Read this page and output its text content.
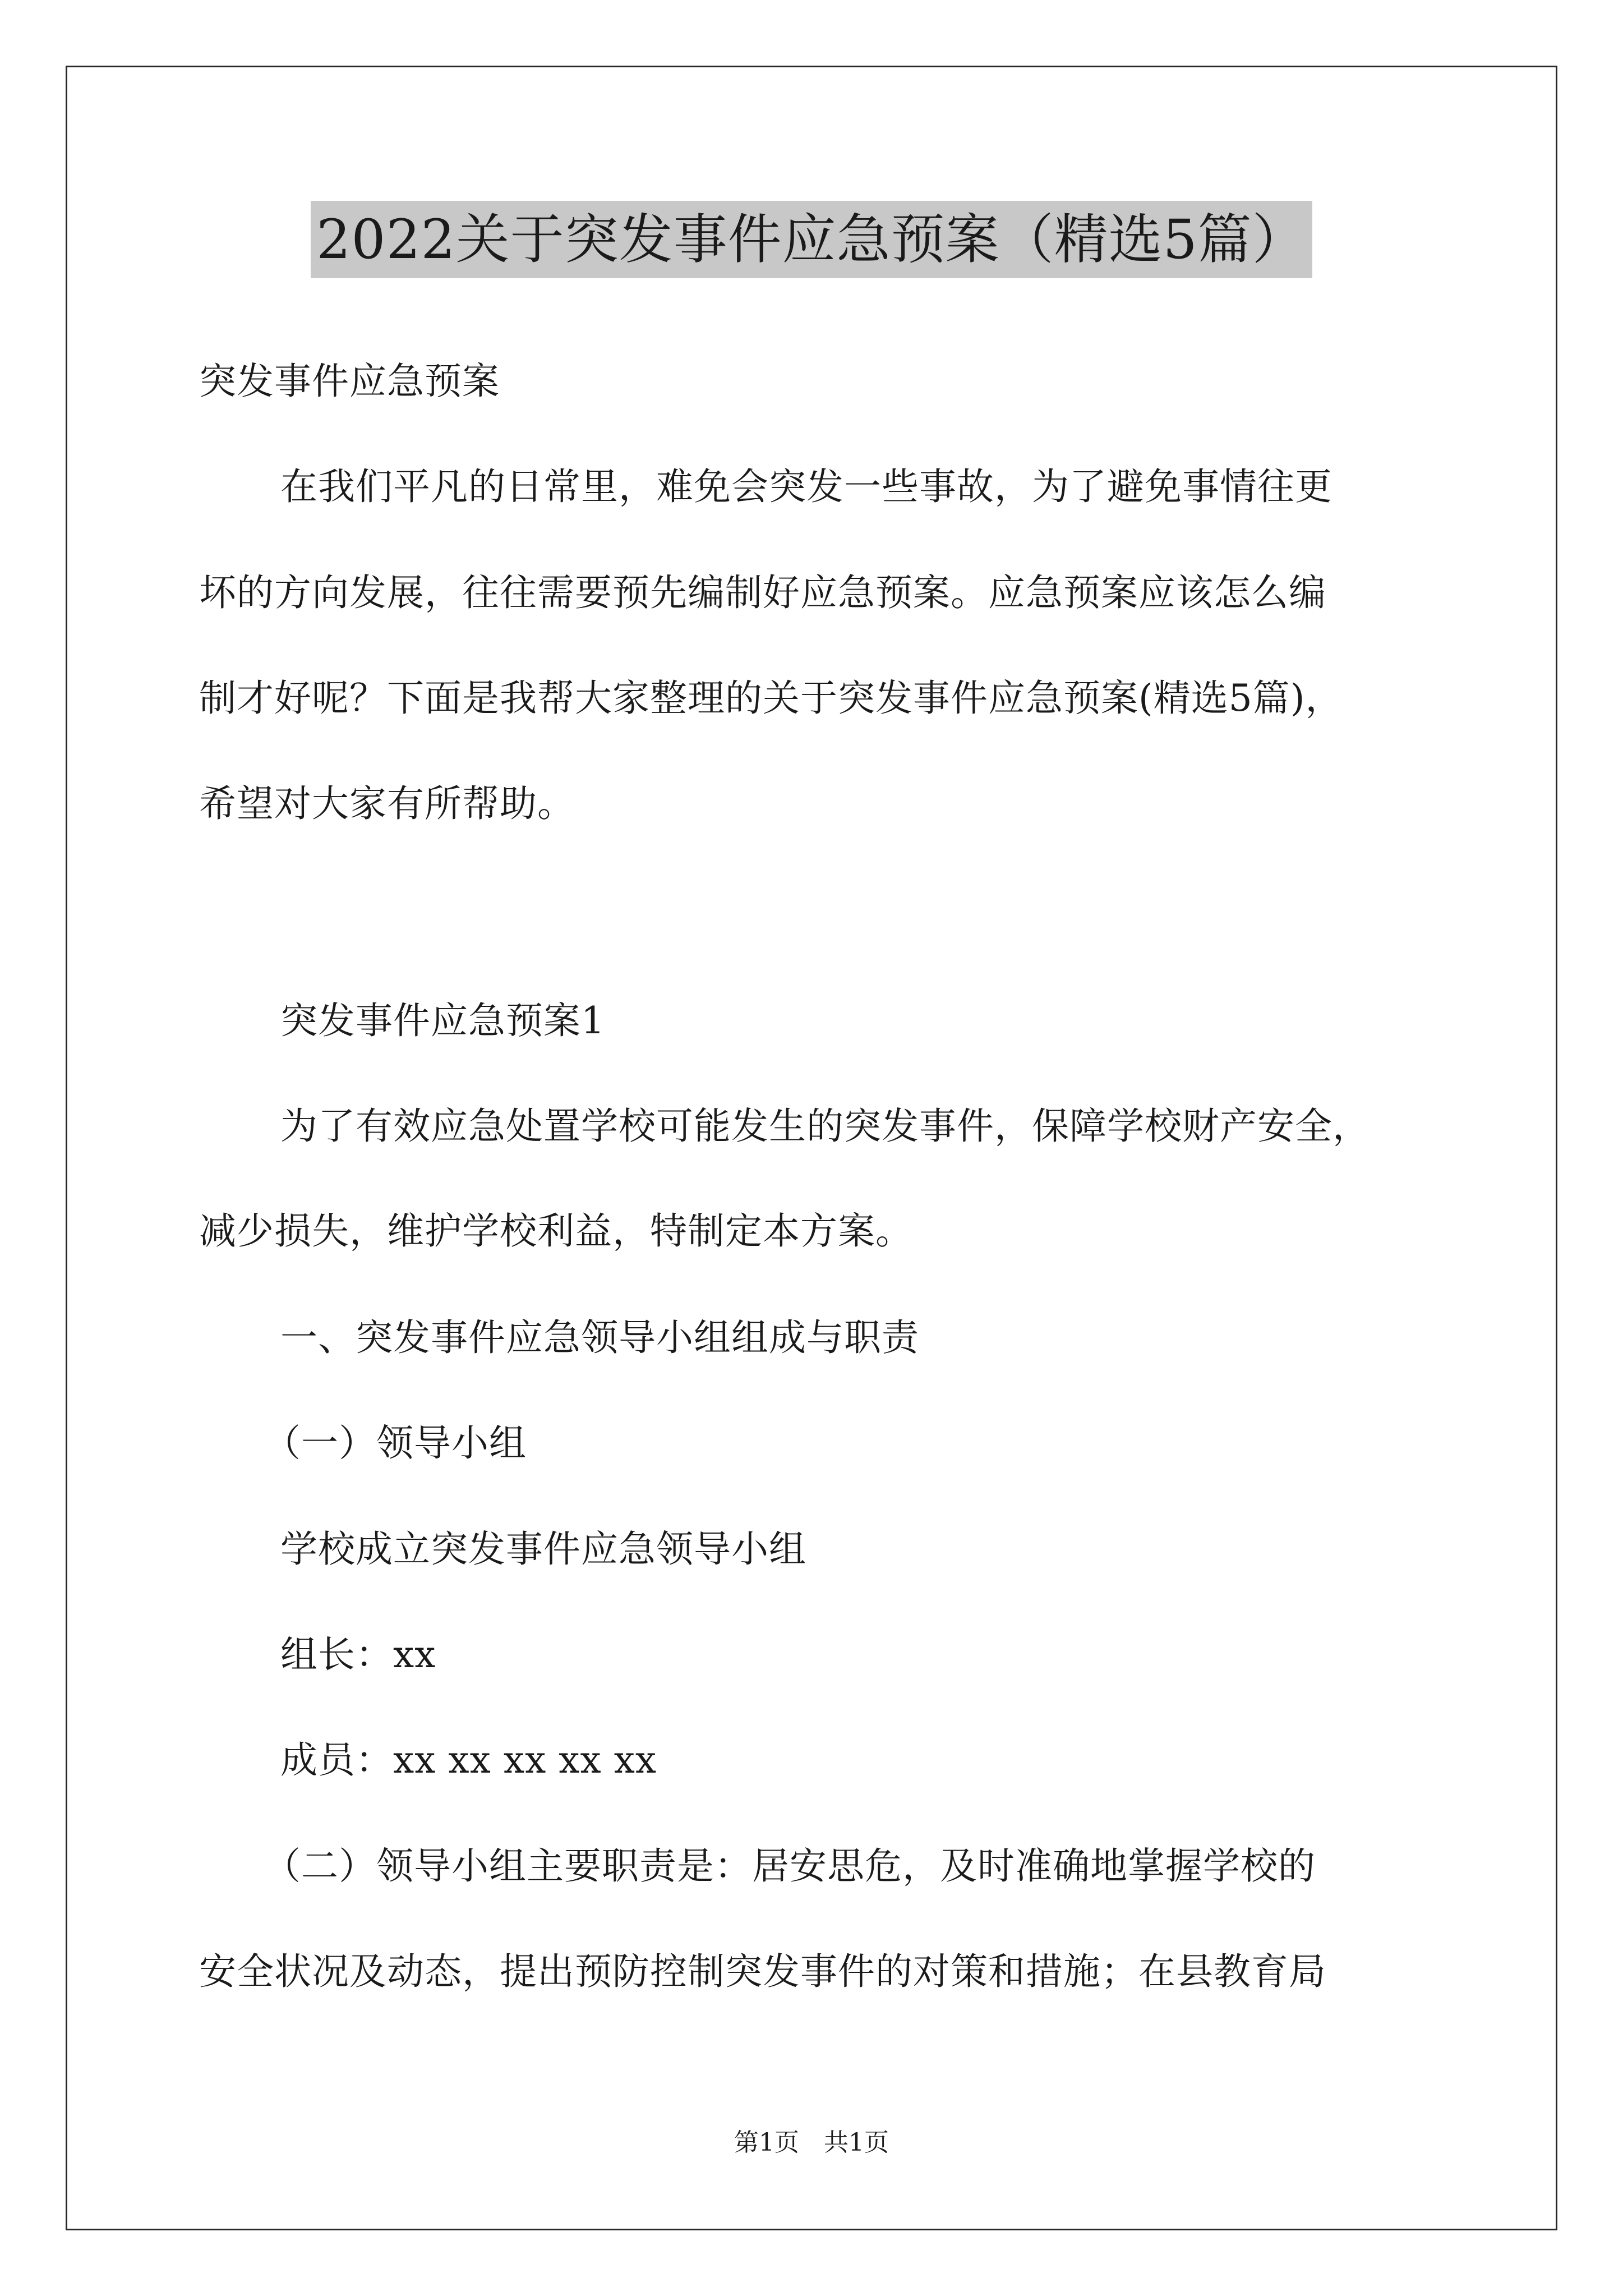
2022关于突发事件应急预案（精选5篇）
突发事件应急预案
在我们平凡的日常里，难免会突发一些事故，为了避免事情往更
坏的方向发展，往往需要预先编制好应急预案。应急预案应该怎么编
制才好呢？下面是我帮大家整理的关于突发事件应急预案(精选5篇)，
希望对大家有所帮助。
突发事件应急预案1
为了有效应急处置学校可能发生的突发事件，保障学校财产安全，
减少损失，维护学校利益，特制定本方案。
一、突发事件应急领导小组组成与职责
（一）领导小组
学校成立突发事件应急领导小组
组长：xx
成员：xx xx xx xx xx
（二）领导小组主要职责是：居安思危，及时准确地掌握学校的
安全状况及动态，提出预防控制突发事件的对策和措施；在县教育局
第1页　共1页
